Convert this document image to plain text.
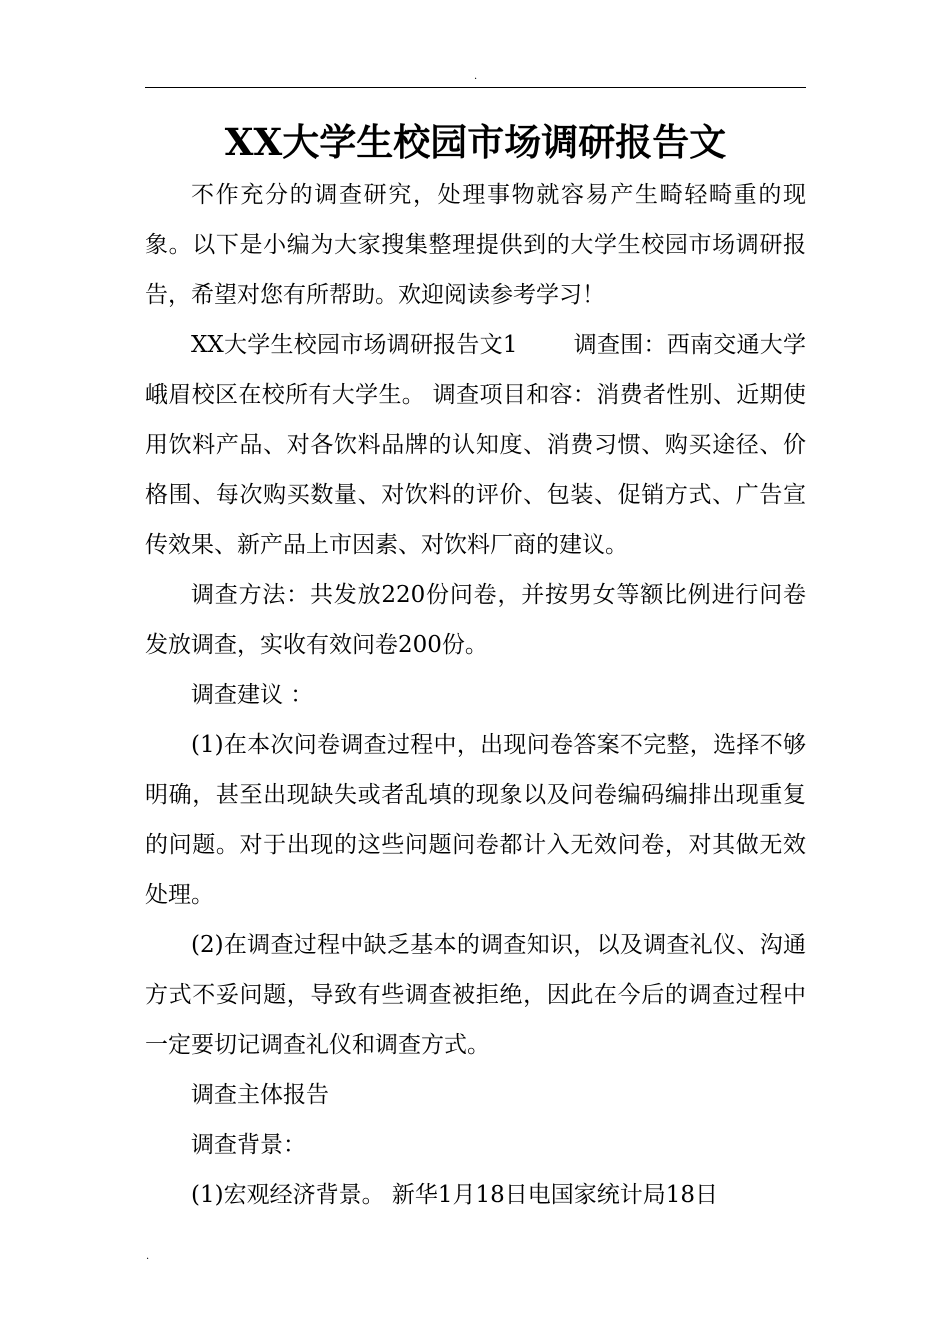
.
XX大学生校园市场调研报告文

不作充分的调查研究，处理事物就容易产生畸轻畸重的现象。以下是小编为大家搜集整理提供到的大学生校园市场调研报告，希望对您有所帮助。欢迎阅读参考学习！

XX大学生校园市场调研报告文1 调查围：西南交通大学峨眉校区在校所有大学生。 调查项目和容：消费者性别、近期使用饮料产品、对各饮料品牌的认知度、消费习惯、购买途径、价格围、每次购买数量、对饮料的评价、包装、促销方式、广告宣传效果、新产品上市因素、对饮料厂商的建议。

调查方法：共发放220份问卷，并按男女等额比例进行问卷发放调查，实收有效问卷200份。

调查建议 ：

(1)在本次问卷调查过程中，出现问卷答案不完整，选择不够明确，甚至出现缺失或者乱填的现象以及问卷编码编排出现重复的问题。对于出现的这些问题问卷都计入无效问卷，对其做无效处理。

(2)在调查过程中缺乏基本的调查知识，以及调查礼仪、沟通方式不妥问题，导致有些调查被拒绝，因此在今后的调查过程中一定要切记调查礼仪和调查方式。

调查主体报告

调查背景：

(1)宏观经济背景。 新华1月18日电国家统计局18日

.
